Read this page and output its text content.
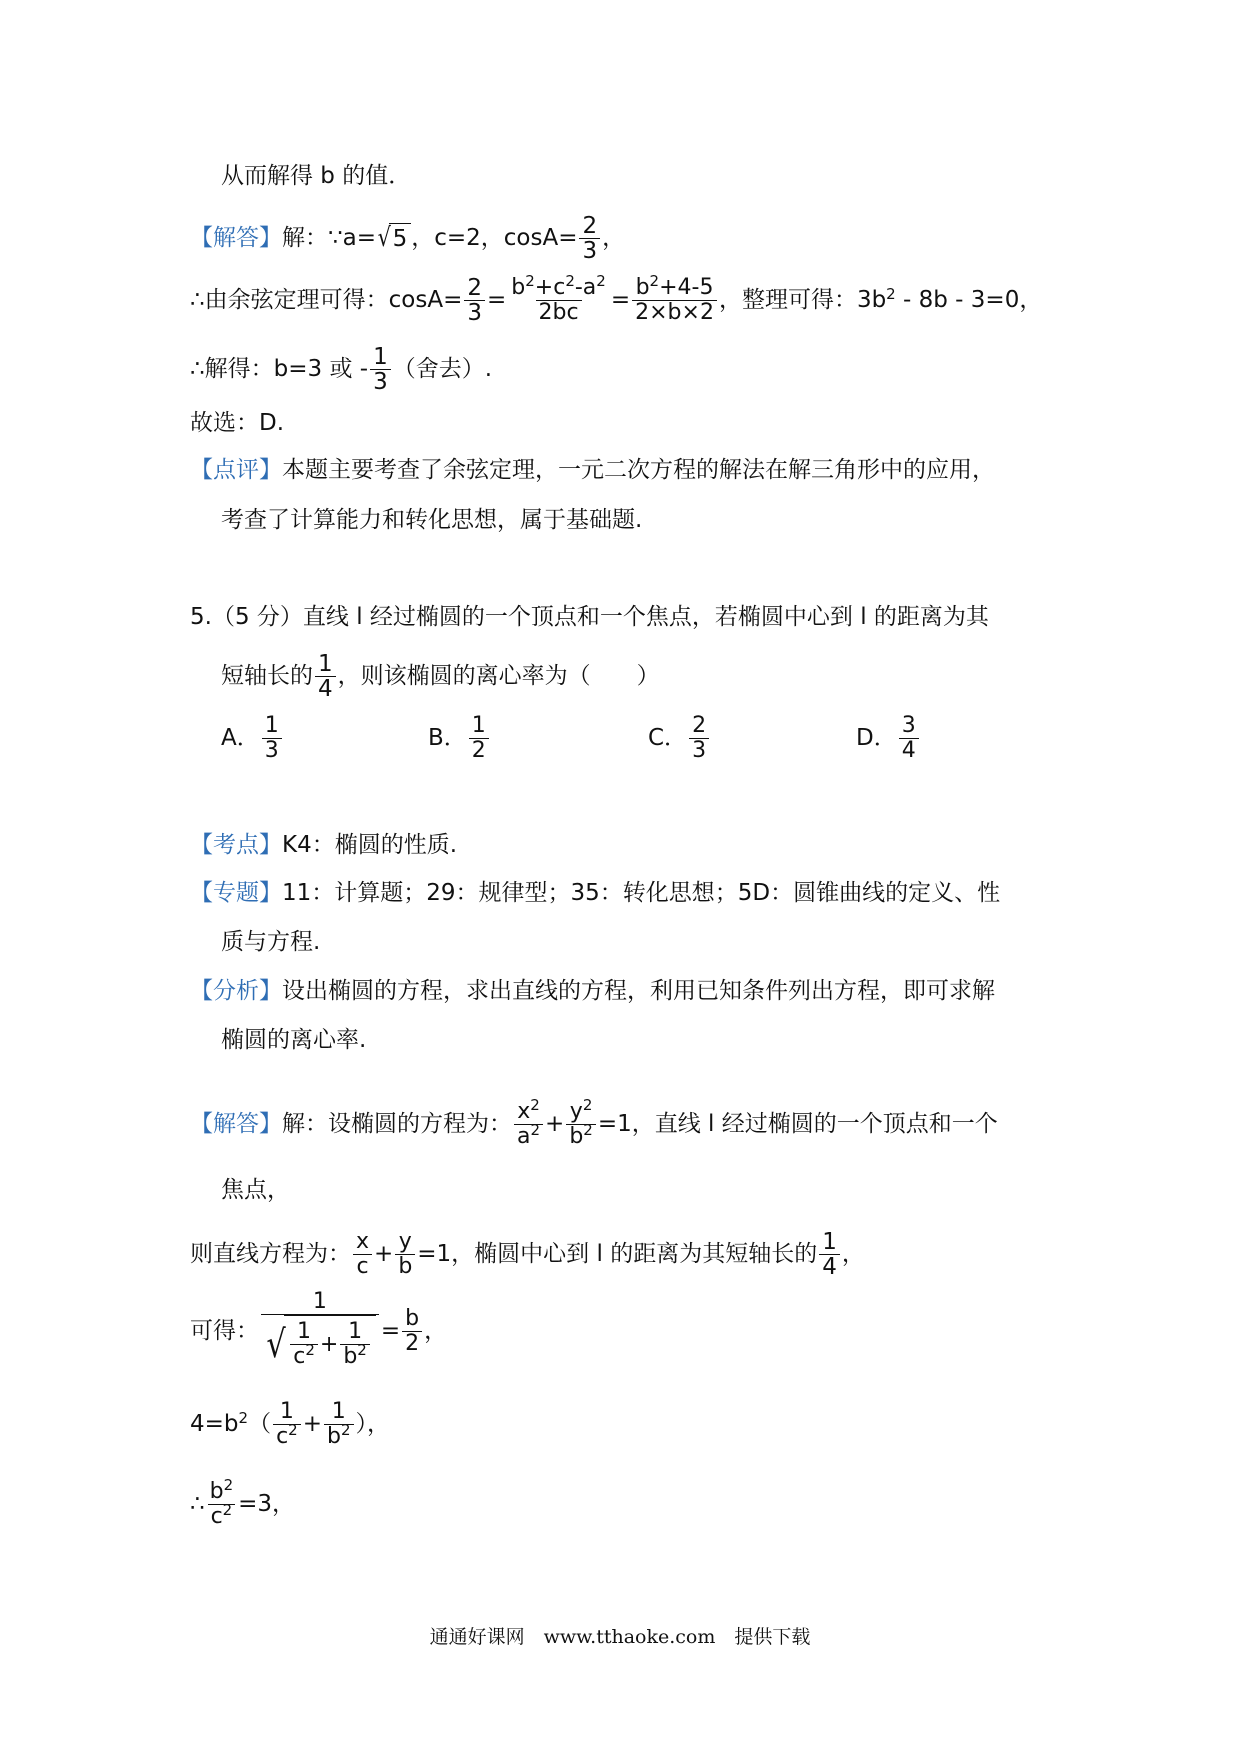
从而解得 b 的值．
【解答】解：∵a= √ 5 ，c=2，$\cos A= \frac{2}{3}$ ，
∴由余弦定理可得：$\cos A= \frac{2}{3} = \frac{b^2+c^2-a^2}{2bc} = \frac{b^2+4-5}{2\times b\times 2}$ ，整理可得：$3b^2 - 8b - 3=0$，
∴解得：b=3 或 - $\frac{1}{3}$ （舍去）.
故选：D.
【点评】本题主要考查了余弦定理，一元二次方程的解法在解三角形中的应用，
考查了计算能力和转化思想，属于基础题.
5.（5 分）直线 l 经过椭圆的一个顶点和一个焦点，若椭圆中心到 l 的距离为其
短轴长的 $\frac{1}{4}$ ，则该椭圆的离心率为（　　）
A． $\frac{1}{3}$	B． $\frac{1}{2}$	C． $\frac{2}{3}$	D． $\frac{3}{4}$
【考点】K4：椭圆的性质.
【专题】11：计算题；29：规律型；35：转化思想；5D：圆锥曲线的定义、性
质与方程.
【分析】设出椭圆的方程，求出直线的方程，利用已知条件列出方程，即可求解
椭圆的离心率.
【解答】解：设椭圆的方程为： $\frac{x^2}{a^2} + \frac{y^2}{b^2} =1$，直线 l 经过椭圆的一个顶点和一个
焦点，
则直线方程为： $\frac{x}{c} + \frac{y}{b} =1$，椭圆中心到 l 的距离为其短轴长的 $\frac{1}{4}$ ，
可得： $\frac{1}{√ \frac{1}{c^2} + \frac{1}{b^2}} = \frac{b}{2}$ ，
$4=b^2( \frac{1}{c^2} + \frac{1}{b^2}$ ），
∴ $\frac{b^2}{c^2} =3$，
通通好课网　www.tthaoke.com　提供下载
